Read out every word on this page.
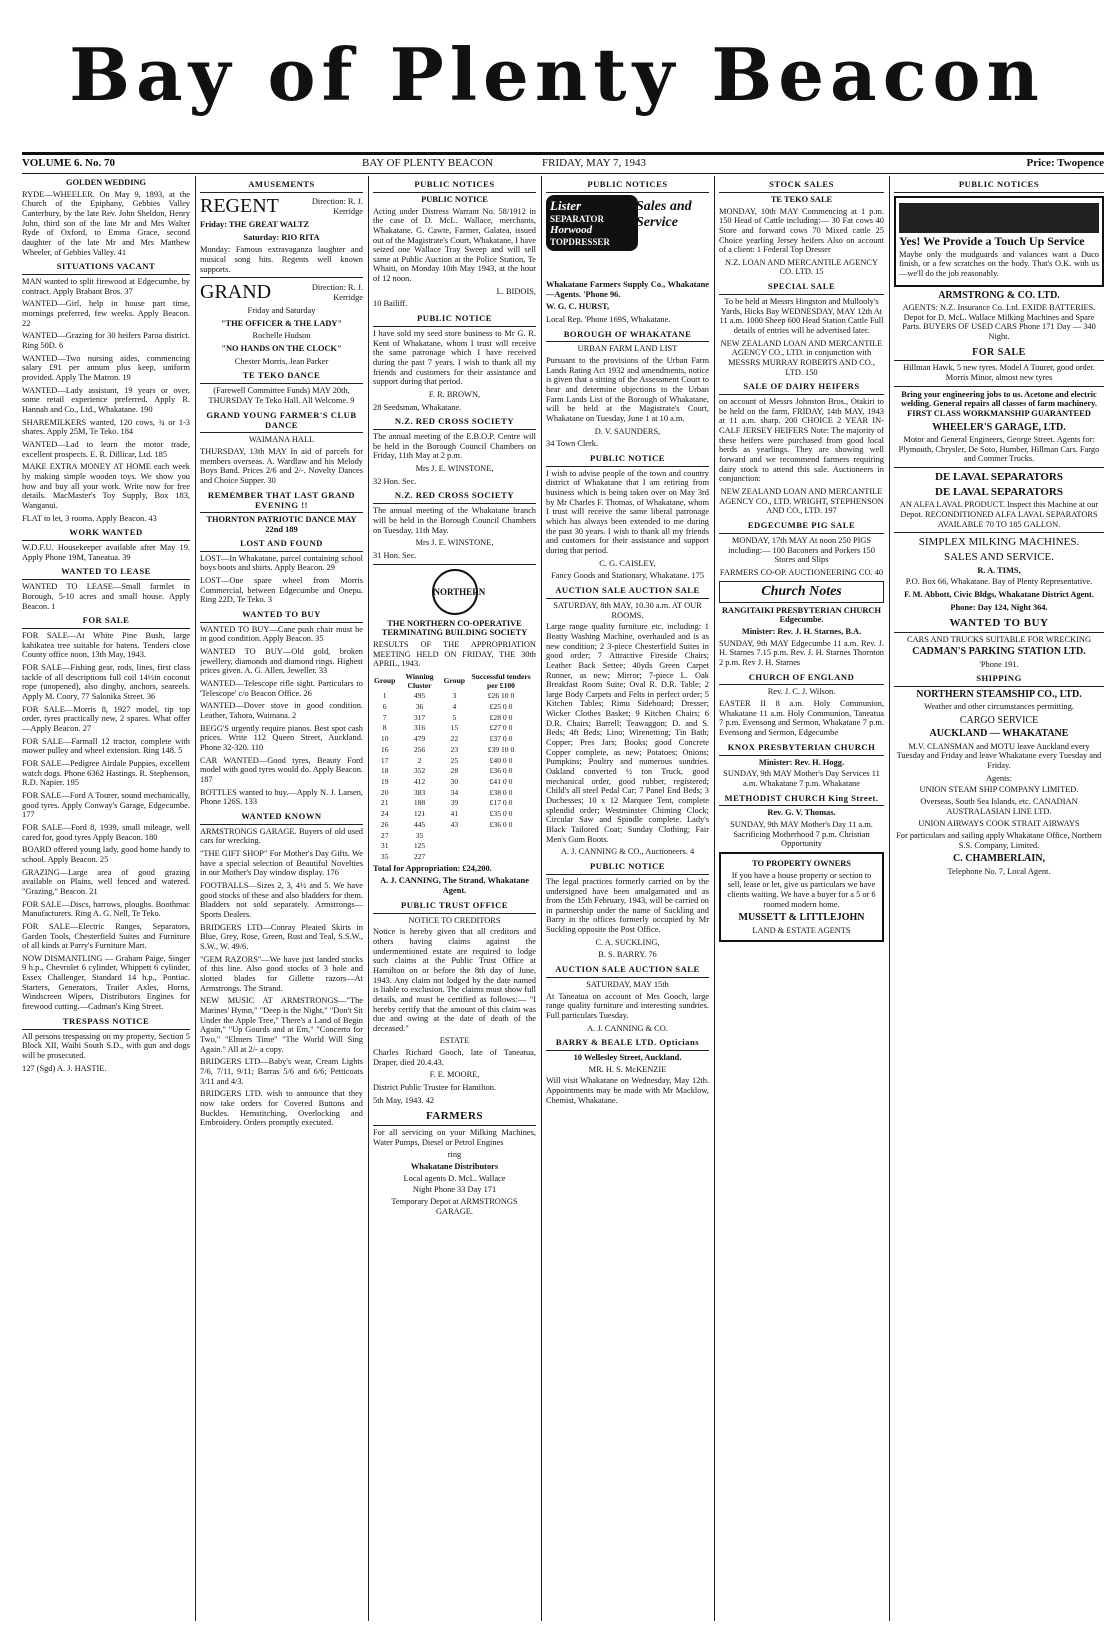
Bay of Plenty Beacon
VOLUME 6. No. 70	BAY OF PLENTY BEACON	FRIDAY, MAY 7, 1943	Price: Twopence
GOLDEN WEDDING
RYDE—WHEELER. On May 9, 1893, at the Church of the Epiphany, Gebbies Valley Canterbury, by the late Rev. John Sheldon, Henry John, third son of the late Mr and Mrs Walter Ryde of Oxford, to Emma Grace, second daughter of the late Mr and Mrs Matthew Wheeler, of Gebbies Valley. 41
SITUATIONS VACANT
MAN wanted to split firewood at Edgecumbe, by contract. Apply Brabant Bros. 37
WANTED—Girl, help in house part time, mornings preferred, few weeks. Apply Beacon. 22
WANTED—Grazing for 30 heifers Paroa district. Ring 50D. 6
WANTED—Two nursing aides, commencing salary £91 per annum plus keep, uniform provided. Apply The Matron. 19
WANTED—Lady assistant, 19 years or over, some retail experience preferred. Apply R. Hannah and Co., Ltd., Whakatane. 190
SHAREMILKERS wanted, 120 cows, ¾ or 1-3 shares. Apply 25M, Te Teko. 184
WANTED—Lad to learn the motor trade, excellent prospects. E. R. Dillicar, Ltd. 185
MAKE EXTRA MONEY AT HOME each week by making simple wooden toys. We show you how and buy all your work. Write now for free details. MacMaster's Toy Supply, Box 183, Wanganui.
FLAT to let, 3 rooms. Apply Beacon. 43
WORK WANTED
W.D.F.U. Housekeeper available after May 19. Apply Phone 19M, Taneatua. 39
WANTED TO LEASE
WANTED TO LEASE—Small farmlet in Borough, 5-10 acres and small house. Apply Beacon. 1
FOR SALE
FOR SALE—At White Pine Bush, large kahikatea tree suitable for batens. Tenders close County office noon, 13th May, 1943.
FOR SALE—Fishing gear, rods, lines, first class tackle of all descriptions full coil 14½in coconut rope (unopened), also dinghy, anchors, seareels. Apply M. Coory, 77 Salonika Street. 36
FOR SALE—Morris 8, 1927 model, tip top order, tyres practically new, 2 spares. What offer—Apply Beacon. 27
FOR SALE—Farmall 12 tractor, complete with mower pulley and wheel extension. Ring 148. 5
FOR SALE—Pedigree Airdale Puppies, excellent watch dogs. Phone 6362 Hastings. R. Stephenson, R.D. Napier. 195
FOR SALE—Ford A Tourer, sound mechanically, good tyres. Apply Conway's Garage, Edgecumbe. 177
FOR SALE—Ford 8, 1939, small mileage, well cared for, good tyres Apply Beacon. 180
BOARD offered young lady, good home handy to school. Apply Beacon. 25
GRAZING—Large area of good grazing available on Plains, well fenced and watered. "Grazing," Beacon. 21
FOR SALE—Discs, harrows, ploughs. Boothmac Manufacturers. Ring A. G. Nell, Te Teko.
FOR SALE—Electric Ranges, Separators, Garden Tools, Chesterfield Suites and Furniture of all kinds at Parry's Furniture Mart.
NOW DISMANTLING — Graham Paige, Singer 9 h.p., Chevrolet 6 cylinder, Whippett 6 cylinder, Essex Challenger, Standard 14 h.p., Pontiac. Starters, Generators, Trailer Axles, Horns, Windscreen Wipers, Distributors Engines for firewood cutting.—Cadman's King Street.
TRESPASS NOTICE
All persons trespassing on my property, Section 5 Block XII, Waihi South S.D., with gun and dogs will be prosecuted.
127 (Sgd) A. J. HASTIE.
AMUSEMENTS
REGENT	Direction: R. J. Kerridge
Friday: THE GREAT WALTZ
Saturday: RIO RITA
Monday: Famous extravaganza laughter and musical song hits. Regents well known supports.
GRAND	Direction: R. J. Kerridge
Friday and Saturday
"THE OFFICER & THE LADY"
Rochelle Hudson
"NO HANDS ON THE CLOCK"
Chester Morris, Jean Parker
TE TEKO DANCE
(Farewell Committee Funds) MAY 20th, THURSDAY Te Teko Hall. All Welcome. 9
GRAND YOUNG FARMER'S CLUB DANCE
WAIMANA HALL
THURSDAY, 13th MAY In aid of parcels for members overseas. A. Wardlaw and his Melody Boys Band. Prices 2/6 and 2/-. Novelty Dances and Choice Supper. 30
REMEMBER THAT LAST GRAND EVENING !!
THORNTON PATRIOTIC DANCE MAY 22nd 189
LOST AND FOUND
LOST—In Whakatane, parcel containing school boys boots and shirts. Apply Beacon. 29
LOST—One spare wheel from Morris Commercial, between Edgecumbe and Onepu. Ring 22D, Te Teko. 3
WANTED TO BUY
WANTED TO BUY—Cane push chair must be in good condition. Apply Beacon. 35
WANTED TO BUY—Old gold, broken jewellery, diamonds and diamond rings. Highest prices given. A. G. Allen, Jeweller. 33
WANTED—Telescope rifle sight. Particulars to 'Telescope' c/o Beacon Office. 26
WANTED—Dover stove in good condition. Leather, Tahora, Waimana. 2
BEGG'S urgently require pianos. Best spot cash prices. Write 112 Queen Street, Auckland. Phone 32-320. 110
CAR WANTED—Good tyres, Beauty Ford model with good tyres would do. Apply Beacon. 187
BOTTLES wanted to buy.—Apply N. J. Larsen, Phone 126S. 133
WANTED KNOWN
ARMSTRONGS GARAGE. Buyers of old used cars for wrecking.
"THE GIFT SHOP" For Mother's Day Gifts. We have a special selection of Beautiful Novelties in our Mother's Day window display. 176
FOOTBALLS—Sizes 2, 3, 4½ and 5. We have good stocks of these and also bladders for them. Bladders not sold separately. Armstrongs—Sports Dealers.
BRIDGERS LTD—Conray Pleated Skirts in Blue, Grey, Rose, Green, Rust and Teal, S.S.W., S.W., W. 49/6.
"GEM RAZORS"—We have just landed stocks of this line. Also good stocks of 3 hole and slotted blades for Gillette razors—At Armstrongs. The Strand.
NEW MUSIC AT ARMSTRONGS—"The Marines' Hymn," "Deep is the Night," "Don't Sit Under the Apple Tree," There's a Land of Begin Again," "Up Gourds and at Em," "Concerto for Two," "Elmers Time" "The World Will Sing Again." All at 2/- a copy.
BRIDGERS LTD—Baby's wear, Cream Lights 7/6, 7/11, 9/11; Barras 5/6 and 6/6; Petticoats 3/11 and 4/3.
BRIDGERS LTD. wish to announce that they now take orders for Covered Buttons and Buckles. Hemstitching, Overlocking and Embroidery. Orders promptly executed.
PUBLIC NOTICES
PUBLIC NOTICE
Acting under Distress Warrant No. 58/1912 in the case of D. McL. Wallace, merchants, Whakatane. G. Cawte, Farmer, Galatea, issued out of the Magistrate's Court, Whakatane, I have seized one Wallace Tray Sweep and will sell same at Public Auction at the Police Station, Te Whaiti, on Monday 10th May 1943, at the hour of 12 noon.
L. BIDOIS,
10 Bailiff.
PUBLIC NOTICE
I have sold my seed store business to Mr G. R. Kent of Whakatane, whom I trust will receive the same patronage which I have received during the past 7 years. I wish to thank all my friends and customers for their assistance and support during that period.
F. R. BROWN,
28 Seedsman, Whakatane.
N.Z. RED CROSS SOCIETY
The annual meeting of the E.B.O.P. Centre will be held in the Borough Council Chambers on Friday, 11th May at 2 p.m.
Mrs J. E. WINSTONE,
32 Hon. Sec.
N.Z. RED CROSS SOCIETY
The annual meeting of the Whakatane branch will be held in the Borough Council Chambers on Tuesday, 11th May.
Mrs J. E. WINSTONE,
31 Hon. Sec.
NORTHERN
THE NORTHERN CO-OPERATIVE TERMINATING BUILDING SOCIETY
RESULTS OF THE APPROPRIATION MEETING HELD ON FRIDAY, THE 30th APRIL, 1943.
Group	Winning Cluster	Group	Successful tenders per £100
1	495	3	£26 10 0
6	36	4	£25 0 0
7	317	5	£28 0 0
8	316	15	£27 0 0
10	479	22	£37 0 0
16	256	23	£39 10 0
17	2	25	£40 0 0
18	352	28	£36 0 0
19	412	30	£41 0 0
20	383	34	£38 0 0
21	188	39	£17 0 0
24	121	41	£35 0 0
26	445	43	£36 0 0
27	35		
31	125		
35	227		
Total for Appropriation: £24,200.
A. J. CANNING, The Strand, Whakatane Agent.
PUBLIC TRUST OFFICE
NOTICE TO CREDITORS
Notice is hereby given that all creditors and others having claims against the undermentioned estate are required to lodge such claims at the Public Trust Office at Hamilton on or before the 8th day of June, 1943. Any claim not lodged by the date named is liable to exclusion. The claims must show full details, and must be certified as follows:— "I hereby certify that the amount of this claim was due and owing at the date of death of the deceased."
ESTATE
Charles Richard Gooch, late of Taneatua, Draper, died 20.4.43.
F. E. MOORE,
District Public Trustee for Hamilton.
5th May, 1943. 42
FARMERS
For all servicing on your Milking Machines, Water Pumps, Diesel or Petrol Engines
ring
Whakatane Distributors
Local agents D. McL. Wallace
Night Phone 33 Day 171
Temporary Depot at ARMSTRONGS GARAGE.
PUBLIC NOTICES
Lister
SEPARATOR
Horwood
TOPDRESSER
Sales and Service
Whakatane Farmers Supply Co., Whakatane—Agents. 'Phone 96.
W. G. C. HURST,
Local Rep. 'Phone 169S, Whakatane.
BOROUGH OF WHAKATANE
URBAN FARM LAND LIST
Pursuant to the provisions of the Urban Farm Lands Rating Act 1932 and amendments, notice is given that a sitting of the Assessment Court to hear and determine objections to the Urban Farm Lands List of the Borough of Whakatane, will be held at the Magistrate's Court, Whakatane on Tuesday, June 1 at 10 a.m.
D. V. SAUNDERS,
34 Town Clerk.
PUBLIC NOTICE
I wish to advise people of the town and country district of Whakatane that I am retiring from business which is being taken over on May 3rd by Mr Charles F. Thomas, of Whakatane, whom I trust will receive the same liberal patronage which has always been extended to me during the past 30 years. I wish to thank all my friends and customers for their assistance and support during that period.
C. G. CAISLEY,
Fancy Goods and Stationary, Whakatane. 175
AUCTION SALE AUCTION SALE
SATURDAY, 8th MAY, 10.30 a.m. AT OUR ROOMS.
Large range quality furniture etc. including: 1 Beatty Washing Machine, overhauled and is as new condition; 2 3-piece Chesterfield Suites in good order; 7 Attractive Fireside Chairs; Leather Back Settee; 40yds Green Carpet Runner, as new; Mirror; 7-piece L. Oak Breakfast Room Suite; Oval R. D.R. Table; 2 large Body Carpets and Felts in perfect order; 5 Kitchen Tables; Rimu Sideboard; Dresser; Wicker Clothes Basket; 9 Kitchen Chairs; 6 D.R. Chairs; Barrell; Teawaggon; D. and S. Beds; 4ft Beds; Lino; Wirenetting; Tin Bath; Copper; Pres Jars; Books; good Concrete Copper complete, as new; Potatoes; Onions; Pumpkins; Poultry and numerous sundries. Oakland converted ½ ton Truck, good mechanical order, good rubber, registered; Child's all steel Pedal Car; 7 Panel End Beds; 3 Duchesses; 10 x 12 Marquee Tent, complete splendid order; Westminster Chiming Clock; Circular Saw and Spindle complete. Lady's Black Tailored Coat; Sunday Clothing; Fair Men's Gum Boots.
A. J. CANNING & CO., Auctioneers. 4
PUBLIC NOTICE
The legal practices formerly carried on by the undersigned have been amalgamated and as from the 15th February, 1943, will be carried on in partnership under the name of Suckling and Barry in the offices formerly occupied by Mr Suckling opposite the Post Office.
C. A. SUCKLING,
B. S. BARRY. 76
AUCTION SALE AUCTION SALE
SATURDAY, MAY 15th
At Taneatua on account of Mrs Gooch, large range quality furniture and interesting sundries. Full particulars Tuesday.
A. J. CANNING & CO.
BARRY & BEALE LTD. Opticians
10 Wellesley Street, Auckland.
MR. H. S. McKENZIE
Will visit Whakatane on Wednesday, May 12th. Appointments may be made with Mr Macklow, Chemist, Whakatane.
STOCK SALES
TE TEKO SALE
MONDAY, 10th MAY Commencing at 1 p.m. 150 Head of Cattle including:— 30 Fat cows 40 Store and forward cows 70 Mixed cattle 25 Choice yearling Jersey heifers Also on account of a client: 1 Federal Top Dresser
N.Z. LOAN AND MERCANTILE AGENCY CO. LTD. 15
SPECIAL SALE
To be held at Messrs Hingston and Mullooly's Yards, Hicks Bay WEDNESDAY, MAY 12th At 11 a.m. 1000 Sheep 600 Head Station Cattle Full details of entries will be advertised later.
NEW ZEALAND LOAN AND MERCANTILE AGENCY CO., LTD. in conjunction with MESSRS MURRAY ROBERTS AND CO., LTD. 150
SALE OF DAIRY HEIFERS
on account of Messrs Johnston Bros., Otakiri to be held on the farm, FRIDAY, 14th MAY, 1943 at 11 a.m. sharp. 200 CHOICE 2 YEAR IN-CALF JERSEY HEIFERS Note: The majority of these heifers were purchased from good local herds as yearlings. They are showing well forward and we recommend farmers requiring dairy stock to attend this sale. Auctioneers in conjunction:
NEW ZEALAND LOAN AND MERCANTILE AGENCY CO., LTD. WRIGHT, STEPHENSON AND CO., LTD. 197
EDGECUMBE PIG SALE
MONDAY, 17th MAY At noon 250 PIGS including:— 100 Baconers and Porkers 150 Stores and Slips
FARMERS CO-OP. AUCTIONEERING CO. 40
Church Notes
RANGITAIKI PRESBYTERIAN CHURCH Edgecumbe.
Minister: Rev. J. H. Starnes, B.A.
SUNDAY, 9th MAY Edgecumbe 11 a.m. Rev. J. H. Starnes 7.15 p.m. Rev. J. H. Starnes Thornton 2 p.m. Rev J. H. Starnes
CHURCH OF ENGLAND
Rev. J. C. J. Wilson.
EASTER II 8 a.m. Holy Communion, Whakatane 11 a.m. Holy Communion, Taneatua 7 p.m. Evensong and Sermon, Whakatane 7 p.m. Evensong and Sermon, Edgecumbe
KNOX PRESBYTERIAN CHURCH
Minister: Rev. H. Hogg.
SUNDAY, 9th MAY Mother's Day Services 11 a.m. Whakatane 7 p.m. Whakatane
METHODIST CHURCH King Street.
Rev. G. V. Thomas.
SUNDAY, 9th MAY Mother's Day 11 a.m. Sacrificing Motherhood 7 p.m. Christian Opportunity
TO PROPERTY OWNERS
If you have a house property or section to sell, lease or let, give us particulars we have clients waiting. We have a buyer for a 5 or 6 roomed modern home.
MUSSETT & LITTLEJOHN
LAND & ESTATE AGENTS
PUBLIC NOTICES
Yes! We Provide a Touch Up Service
Maybe only the mudguards and valances want a Duco finish, or a few scratches on the body. That's O.K. with us—we'll do the job reasonably.
ARMSTRONG & CO. LTD.
AGENTS: N.Z. Insurance Co. Ltd. EXIDE BATTERIES. Depot for D. McL. Wallace Milking Machines and Spare Parts. BUYERS OF USED CARS Phone 171 Day — 340 Night.
FOR SALE
Hillman Hawk, 5 new tyres. Model A Tourer, good order. Morris Minor, almost new tyres
Bring your engineering jobs to us. Acetone and electric welding. General repairs all classes of farm machinery. FIRST CLASS WORKMANSHIP GUARANTEED
WHEELER'S GARAGE, LTD.
Motor and General Engineers, George Street. Agents for: Plymouth, Chrysler, De Soto, Humber, Hillman Cars. Fargo and Commer Trucks.
DE LAVAL SEPARATORS
DE LAVAL SEPARATORS
AN ALFA LAVAL PRODUCT. Inspect this Machine at our Depot. RECONDITIONED ALFA LAVAL SEPARATORS AVAILABLE 70 TO 185 GALLON.
SIMPLEX MILKING MACHINES.
SALES AND SERVICE.
R. A. TIMS,
P.O. Box 66, Whakatane. Bay of Plenty Representative.
F. M. Abbott, Civic Bldgs, Whakatane District Agent.
Phone: Day 124, Night 364.
WANTED TO BUY
CARS AND TRUCKS SUITABLE FOR WRECKING
CADMAN'S PARKING STATION LTD.
'Phone 191.
SHIPPING
NORTHERN STEAMSHIP CO., LTD.
Weather and other circumstances permitting.
CARGO SERVICE
AUCKLAND — WHAKATANE
M.V. CLANSMAN and MOTU leave Auckland every Tuesday and Friday and leave Whakatane every Tuesday and Friday.
Agents:
UNION STEAM SHIP COMPANY LIMITED.
Overseas, South Sea Islands, etc. CANADIAN AUSTRALASIAN LINE LTD.
UNION AIRWAYS COOK STRAIT AIRWAYS
For particulars and sailing apply Whakatane Office, Northern S.S. Company, Limited.
C. CHAMBERLAIN,
Telephone No. 7, Local Agent.
